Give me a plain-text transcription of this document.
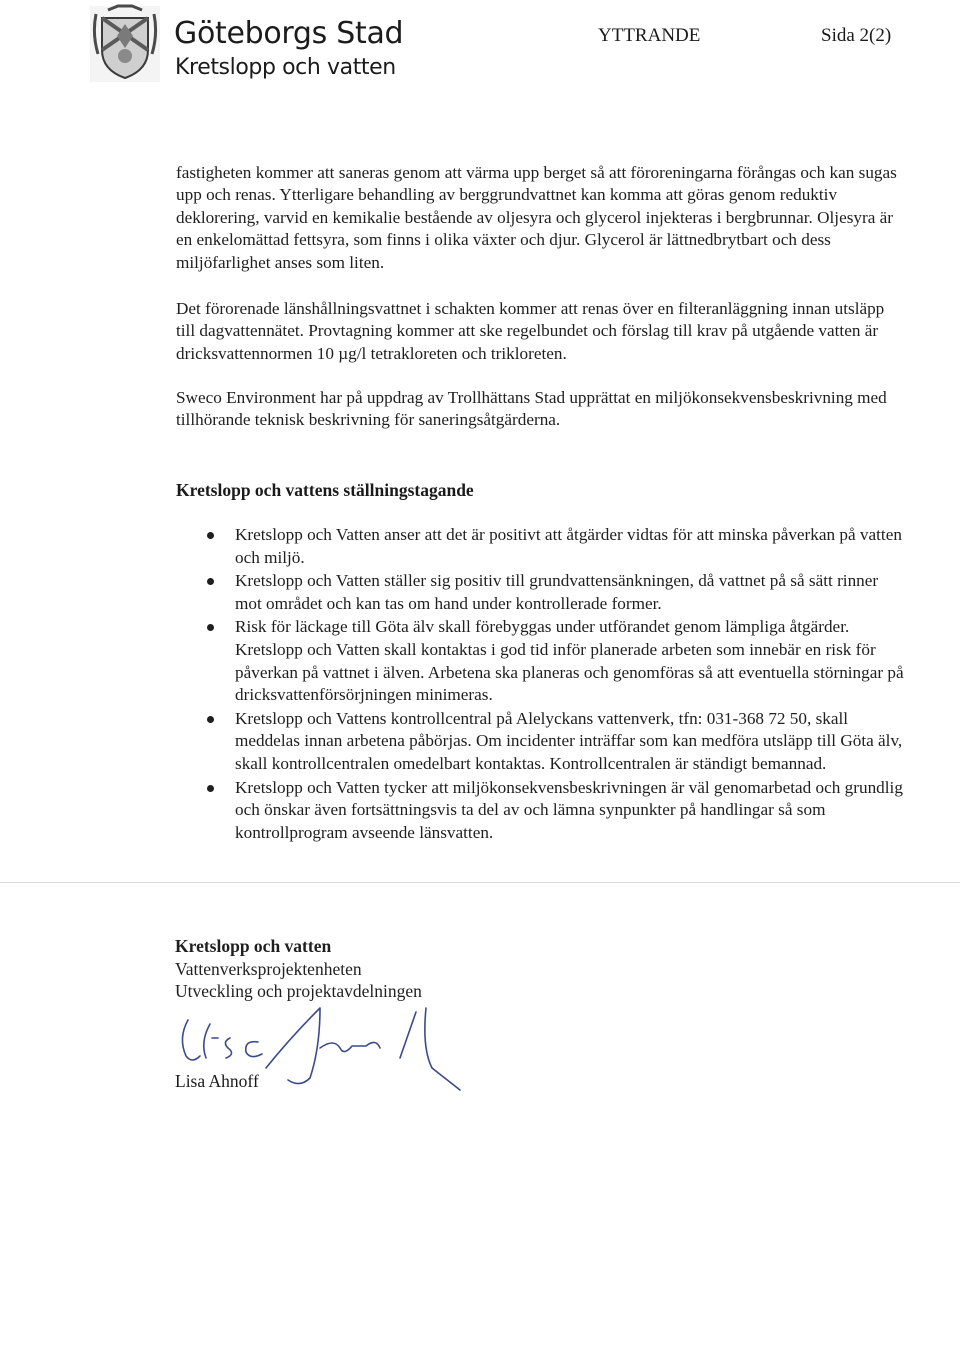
Göteborgs Stad
Kretslopp och vatten
YTTRANDE	Sida 2(2)
fastigheten kommer att saneras genom att värma upp berget så att föroreningarna förångas och kan sugas upp och renas. Ytterligare behandling av berggrundvattnet kan komma att göras genom reduktiv deklorering, varvid en kemikalie bestående av oljesyra och glycerol injekteras i bergbrunnar. Oljesyra är en enkelomättad fettsyra, som finns i olika växter och djur. Glycerol är lättnedbrytbart och dess miljöfarlighet anses som liten.
Det förorenade länshållningsvattnet i schakten kommer att renas över en filteranläggning innan utsläpp till dagvattennätet. Provtagning kommer att ske regelbundet och förslag till krav på utgående vatten är dricksvattennormen 10 µg/l tetrakloreten och trikloreten.
Sweco Environment har på uppdrag av Trollhättans Stad upprättat en miljökonsekvensbeskrivning med tillhörande teknisk beskrivning för saneringsåtgärderna.
Kretslopp och vattens ställningstagande
Kretslopp och Vatten anser att det är positivt att åtgärder vidtas för att minska påverkan på vatten och miljö.
Kretslopp och Vatten ställer sig positiv till grundvattensänkningen, då vattnet på så sätt rinner mot området och kan tas om hand under kontrollerade former.
Risk för läckage till Göta älv skall förebyggas under utförandet genom lämpliga åtgärder. Kretslopp och Vatten skall kontaktas i god tid inför planerade arbeten som innebär en risk för påverkan på vattnet i älven. Arbetena ska planeras och genomföras så att eventuella störningar på dricksvattenförsörjningen minimeras.
Kretslopp och Vattens kontrollcentral på Alelyckans vattenverk, tfn: 031-368 72 50, skall meddelas innan arbetena påbörjas. Om incidenter inträffar som kan medföra utsläpp till Göta älv, skall kontrollcentralen omedelbart kontaktas. Kontrollcentralen är ständigt bemannad.
Kretslopp och Vatten tycker att miljökonsekvensbeskrivningen är väl genomarbetad och grundlig och önskar även fortsättningsvis ta del av och lämna synpunkter på handlingar så som kontrollprogram avseende länsvatten.
Kretslopp och vatten
Vattenverksprojektenheten
Utveckling och projektavdelningen
Lisa Ahnoff
